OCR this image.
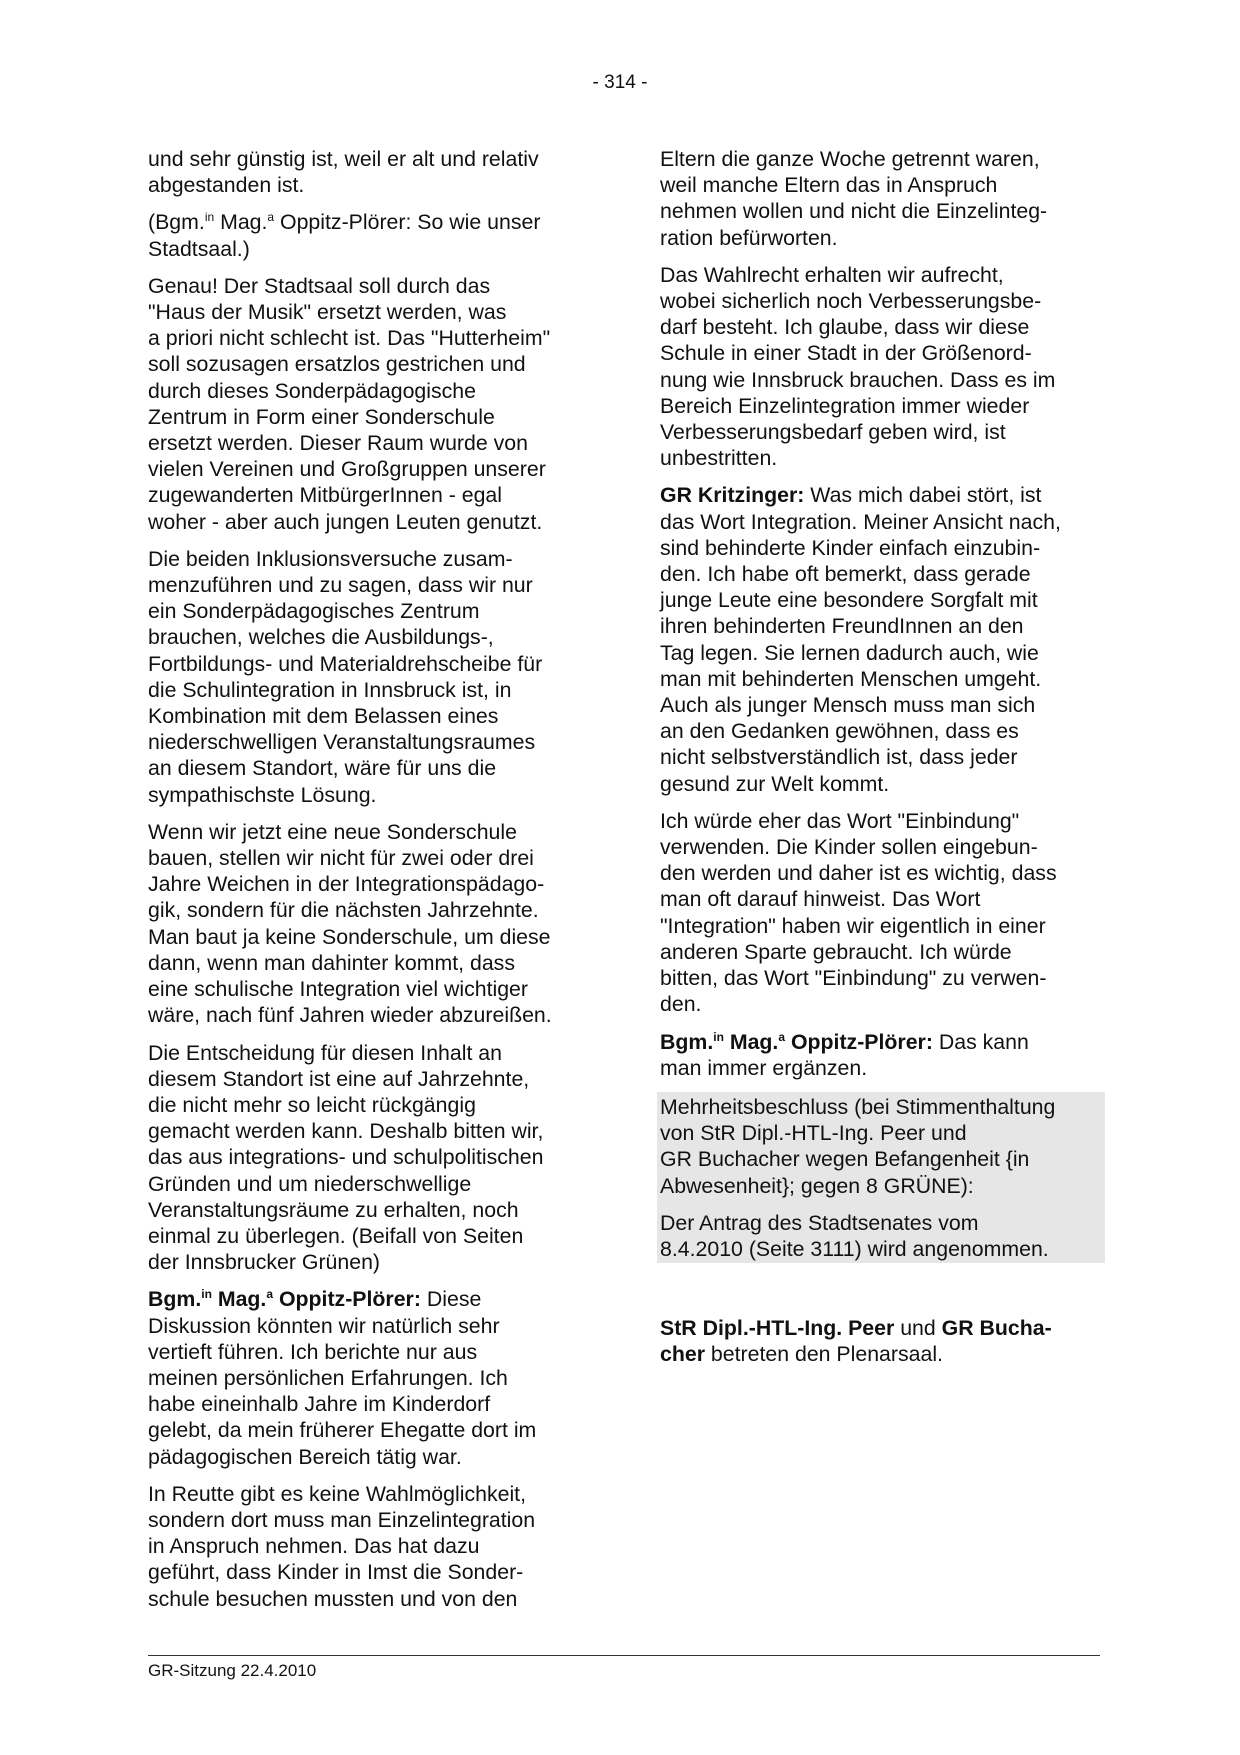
- 314 -

und sehr günstig ist, weil er alt und relativ
abgestanden ist.

(Bgm.$^{in}$ Mag.$^a$ Oppitz-Plörer: So wie unser
Stadtsaal.)

Genau! Der Stadtsaal soll durch das
"Haus der Musik" ersetzt werden, was
a priori nicht schlecht ist. Das "Hutterheim"
soll sozusagen ersatzlos gestrichen und
durch dieses Sonderpädagogische
Zentrum in Form einer Sonderschule
ersetzt werden. Dieser Raum wurde von
vielen Vereinen und Großgruppen unserer
zugewanderten MitbürgerInnen - egal
woher - aber auch jungen Leuten genutzt.

Die beiden Inklusionsversuche zusam-
menzuführen und zu sagen, dass wir nur
ein Sonderpädagogisches Zentrum
brauchen, welches die Ausbildungs-,
Fortbildungs- und Materialdrehscheibe für
die Schulintegration in Innsbruck ist, in
Kombination mit dem Belassen eines
niederschwelligen Veranstaltungsraumes
an diesem Standort, wäre für uns die
sympathischste Lösung.

Wenn wir jetzt eine neue Sonderschule
bauen, stellen wir nicht für zwei oder drei
Jahre Weichen in der Integrationspädago-
gik, sondern für die nächsten Jahrzehnte.
Man baut ja keine Sonderschule, um diese
dann, wenn man dahinter kommt, dass
eine schulische Integration viel wichtiger
wäre, nach fünf Jahren wieder abzureißen.

Die Entscheidung für diesen Inhalt an
diesem Standort ist eine auf Jahrzehnte,
die nicht mehr so leicht rückgängig
gemacht werden kann. Deshalb bitten wir,
das aus integrations- und schulpolitischen
Gründen und um niederschwellige
Veranstaltungsräume zu erhalten, noch
einmal zu überlegen. (Beifall von Seiten
der Innsbrucker Grünen)

Bgm.$^{in}$ Mag.$^a$ Oppitz-Plörer: Diese
Diskussion könnten wir natürlich sehr
vertieft führen. Ich berichte nur aus
meinen persönlichen Erfahrungen. Ich
habe eineinhalb Jahre im Kinderdorf
gelebt, da mein früherer Ehegatte dort im
pädagogischen Bereich tätig war.

In Reutte gibt es keine Wahlmöglichkeit,
sondern dort muss man Einzelintegration
in Anspruch nehmen. Das hat dazu
geführt, dass Kinder in Imst die Sonder-
schule besuchen mussten und von den

Eltern die ganze Woche getrennt waren,
weil manche Eltern das in Anspruch
nehmen wollen und nicht die Einzelinteg-
ration befürworten.

Das Wahlrecht erhalten wir aufrecht,
wobei sicherlich noch Verbesserungsbe-
darf besteht. Ich glaube, dass wir diese
Schule in einer Stadt in der Größenord-
nung wie Innsbruck brauchen. Dass es im
Bereich Einzelintegration immer wieder
Verbesserungsbedarf geben wird, ist
unbestritten.

GR Kritzinger: Was mich dabei stört, ist
das Wort Integration. Meiner Ansicht nach,
sind behinderte Kinder einfach einzubin-
den. Ich habe oft bemerkt, dass gerade
junge Leute eine besondere Sorgfalt mit
ihren behinderten FreundInnen an den
Tag legen. Sie lernen dadurch auch, wie
man mit behinderten Menschen umgeht.
Auch als junger Mensch muss man sich
an den Gedanken gewöhnen, dass es
nicht selbstverständlich ist, dass jeder
gesund zur Welt kommt.

Ich würde eher das Wort "Einbindung"
verwenden. Die Kinder sollen eingebun-
den werden und daher ist es wichtig, dass
man oft darauf hinweist. Das Wort
"Integration" haben wir eigentlich in einer
anderen Sparte gebraucht. Ich würde
bitten, das Wort "Einbindung" zu verwen-
den.

Bgm.$^{in}$ Mag.$^a$ Oppitz-Plörer: Das kann
man immer ergänzen.

Mehrheitsbeschluss (bei Stimmenthaltung
von StR Dipl.-HTL-Ing. Peer und
GR Buchacher wegen Befangenheit {in
Abwesenheit}; gegen 8 GRÜNE):

Der Antrag des Stadtsenates vom
8.4.2010 (Seite 3111) wird angenommen.

StR Dipl.-HTL-Ing. Peer und GR Bucha-
cher betreten den Plenarsaal.

GR-Sitzung 22.4.2010
